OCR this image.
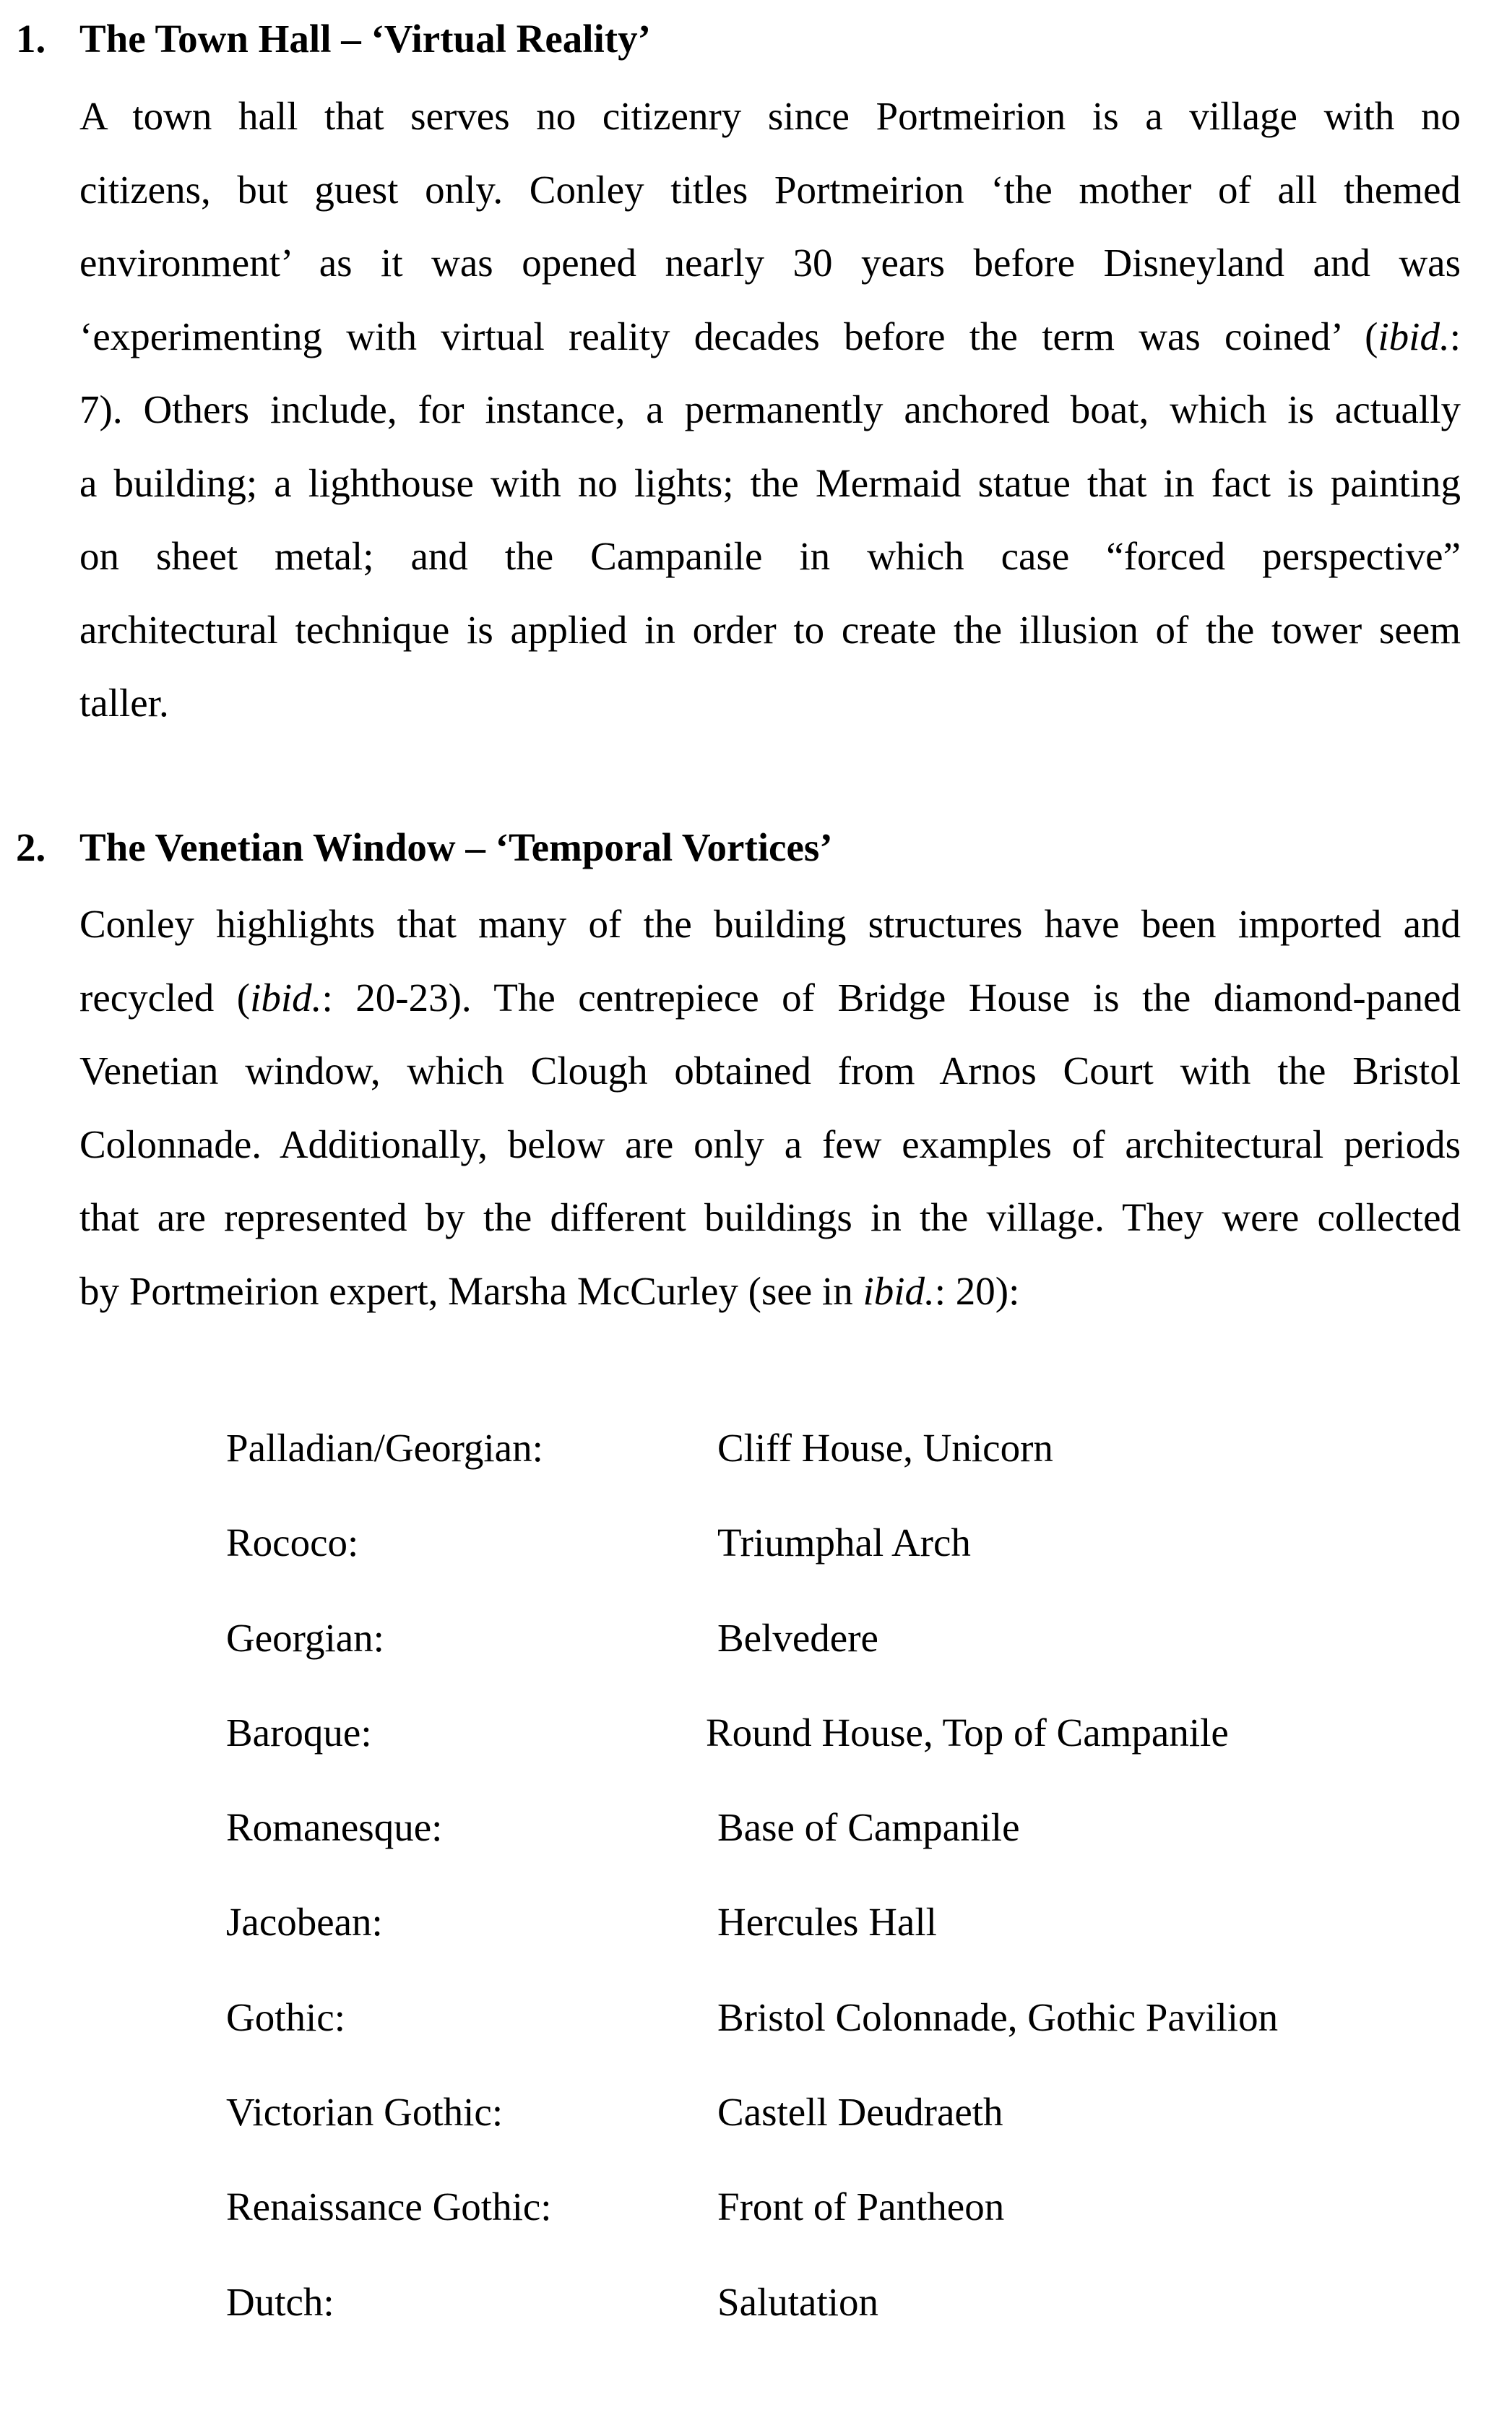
1. The Town Hall – ‘Virtual Reality’
A town hall that serves no citizenry since Portmeirion is a village with no
citizens, but guest only. Conley titles Portmeirion ‘the mother of all themed
environment’ as it was opened nearly 30 years before Disneyland and was
‘experimenting with virtual reality decades before the term was coined’ (ibid.:
7). Others include, for instance, a permanently anchored boat, which is actually
a building; a lighthouse with no lights; the Mermaid statue that in fact is painting
on sheet metal; and the Campanile in which case “forced perspective”
architectural technique is applied in order to create the illusion of the tower seem
taller.
2. The Venetian Window – ‘Temporal Vortices’
Conley highlights that many of the building structures have been imported and
recycled (ibid.: 20-23). The centrepiece of Bridge House is the diamond-paned
Venetian window, which Clough obtained from Arnos Court with the Bristol
Colonnade. Additionally, below are only a few examples of architectural periods
that are represented by the different buildings in the village. They were collected
by Portmeirion expert, Marsha McCurley (see in ibid.: 20):
Palladian/Georgian:	Cliff House, Unicorn
Rococo:	Triumphal Arch
Georgian:	Belvedere
Baroque:	Round House, Top of Campanile
Romanesque:	Base of Campanile
Jacobean:	Hercules Hall
Gothic:	Bristol Colonnade, Gothic Pavilion
Victorian Gothic:	Castell Deudraeth
Renaissance Gothic:	Front of Pantheon
Dutch:	Salutation
